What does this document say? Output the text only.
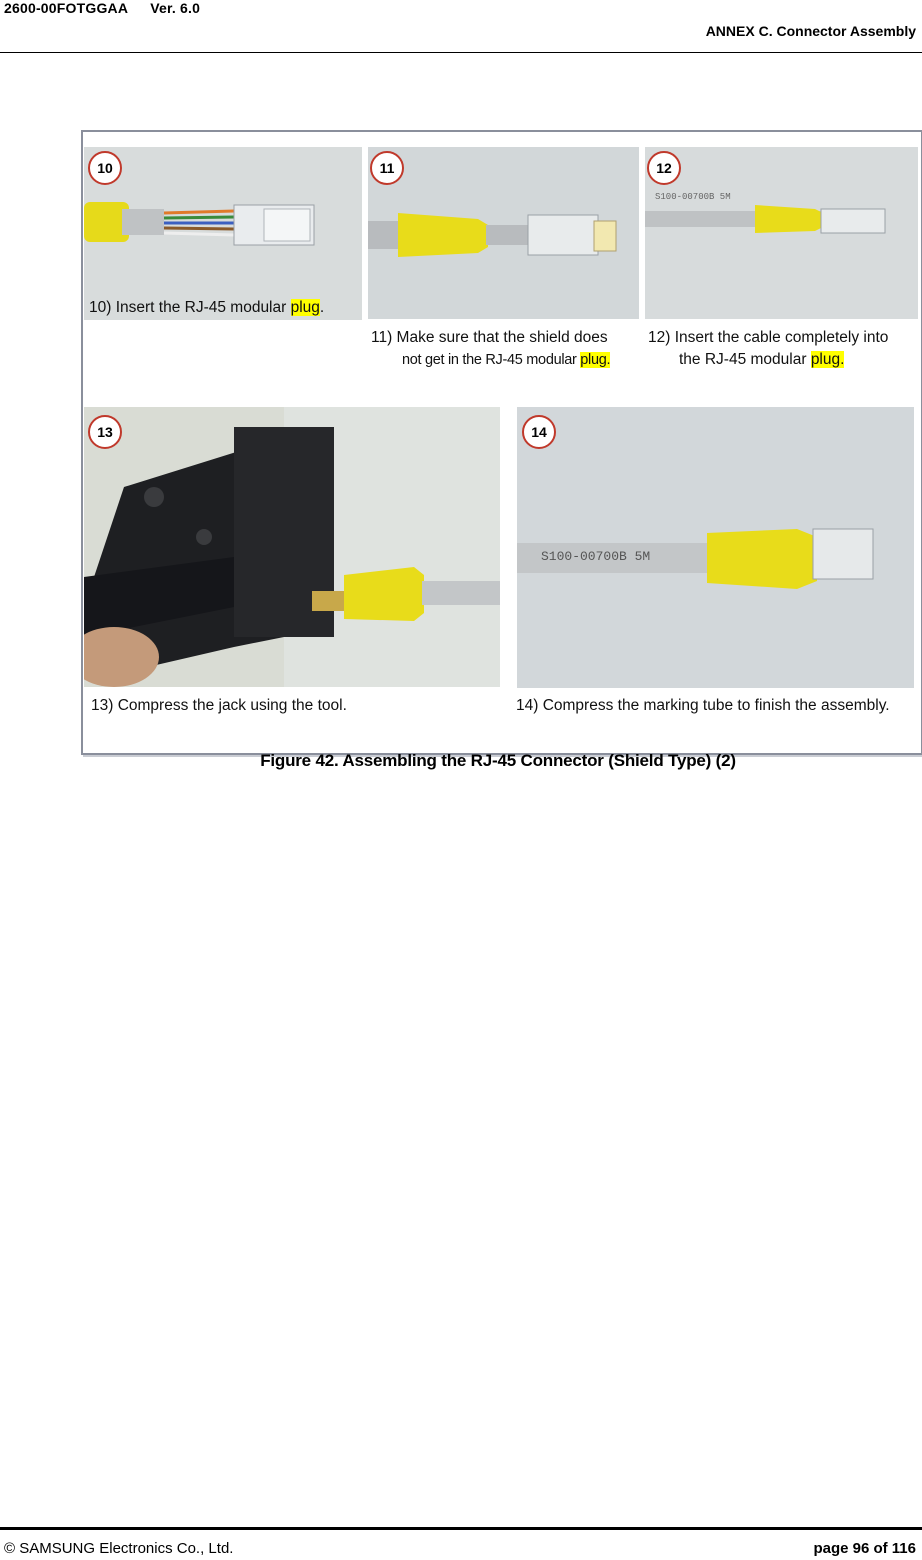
2600-00FOTGGAA Ver. 6.0
ANNEX C. Connector Assembly
10	11
S100-00700B 5M
12
10) Insert the RJ-45 modular plug.
11) Make sure that the shield does
not get in the RJ-45 modular plug.
12) Insert the cable completely into
the RJ-45 modular plug.
13
S100-00700B 5M
14
13) Compress the jack using the tool.	14) Compress the marking tube to finish the assembly.
Figure 42. Assembling the RJ-45 Connector (Shield Type) (2)
© SAMSUNG Electronics Co., Ltd.	page 96 of 116
